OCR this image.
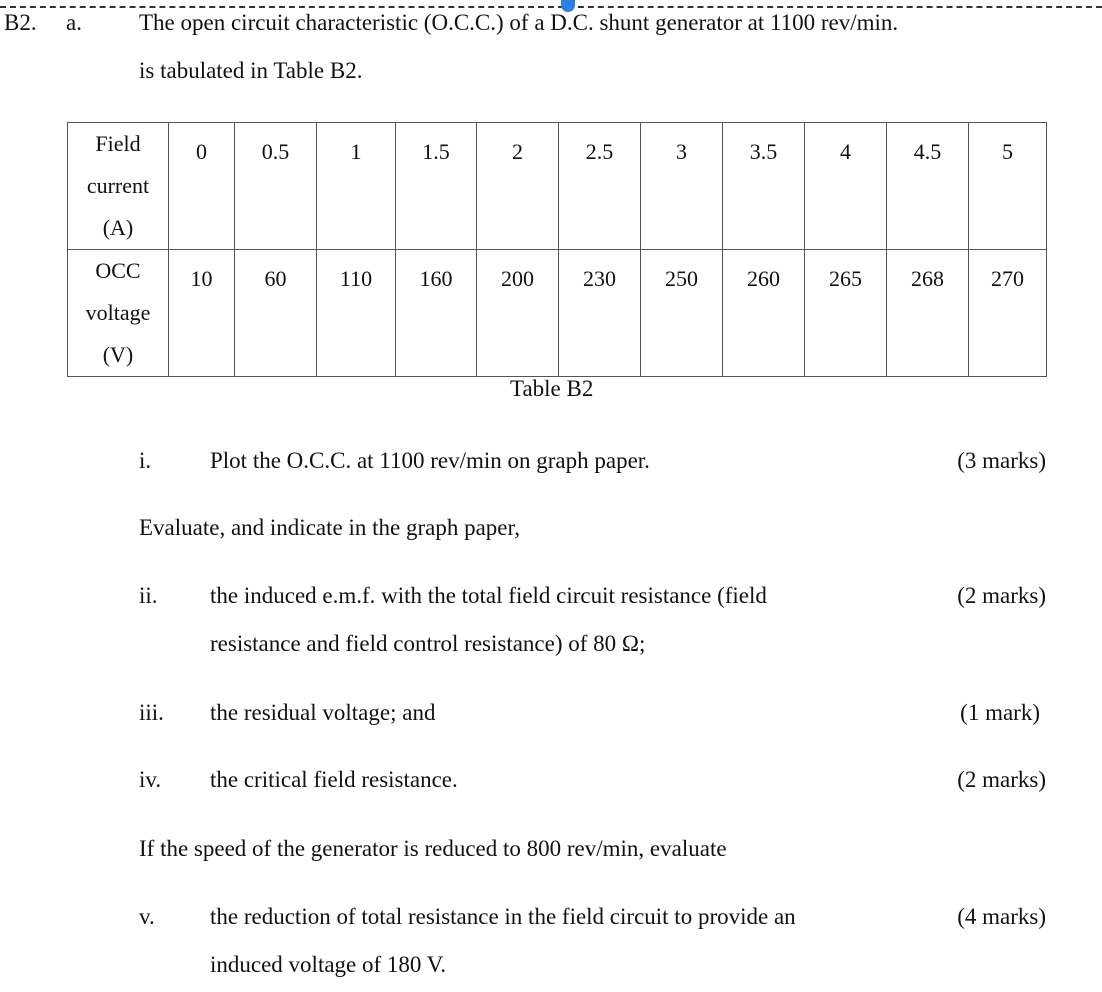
B2. a. The open circuit characteristic (O.C.C.) of a D.C. shunt generator at 1100 rev/min.
is tabulated in Table B2.
Field
current
(A)	0	0.5	1	1.5	2	2.5	3	3.5	4	4.5	5

OCC
voltage
(V)	10	60	110	160	200	230	250	260	265	268	270
Table B2
i.	Plot the O.C.C. at 1100 rev/min on graph paper.	(3 marks)
Evaluate, and indicate in the graph paper,
ii. the induced e.m.f. with the total field circuit resistance (field
resistance and field control resistance) of 80 Ω;
(2 marks)
iii. the residual voltage; and	(1 mark)
iv. the critical field resistance.	(2 marks)
If the speed of the generator is reduced to 800 rev/min, evaluate
v. the reduction of total resistance in the field circuit to provide an
induced voltage of 180 V.
(4 marks)
